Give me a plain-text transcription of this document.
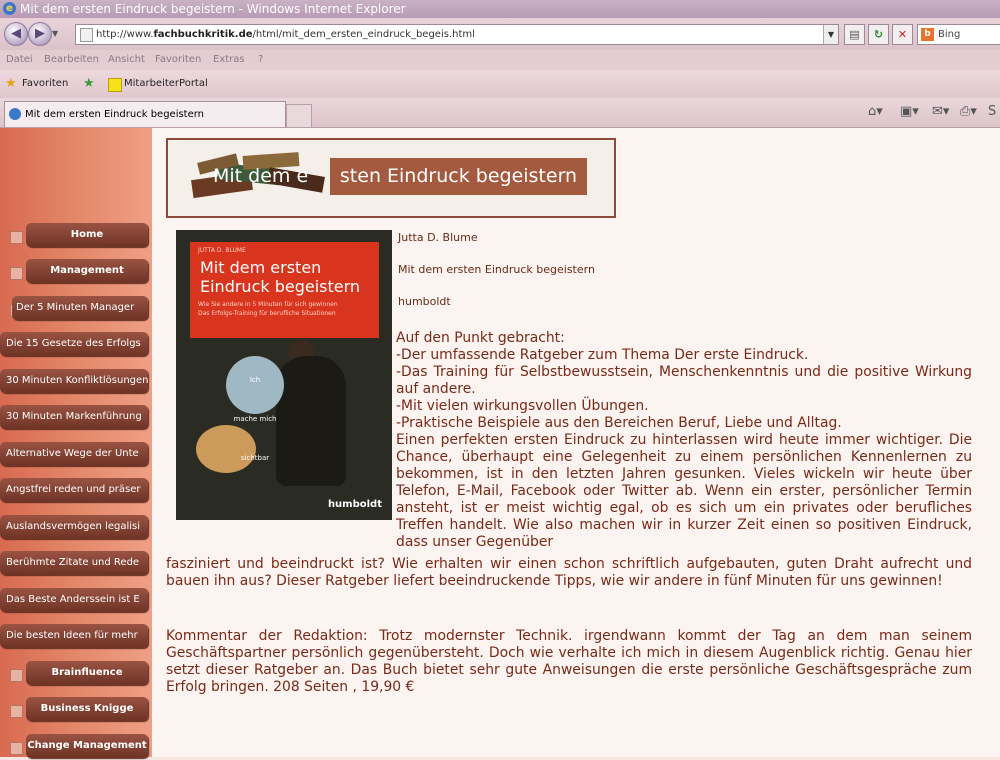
e Mit dem ersten Eindruck begeistern - Windows Internet Explorer
◀	▶ ▼	http://www.fachbuchkritik.de/html/mit_dem_ersten_eindruck_begeis.html	▼	▤	↻	✕	b Bing
Datei Bearbeiten Ansicht Favoriten Extras ?
★ Favoriten ★	MitarbeiterPortal
Mit dem ersten Eindruck begeistern	⌂▾ ▣▾ ✉▾ ⎙▾ S
Home
Management
Der 5 Minuten Manager
Die 15 Gesetze des Erfolgs
30 Minuten Konfliktlösungen
30 Minuten Markenführung
Alternative Wege der Unte
Angstfrei reden und präser
Auslandsvermögen legalisi
Berühmte Zitate und Rede
Das Beste Anderssein ist E
Die besten Ideen für mehr
Brainfluence
Business Knigge
Change Management
Mit dem e	sten Eindruck begeistern
JUTTA D. BLUME
Mit dem ersten
Eindruck begeistern
Wie Sie andere in 5 Minuten für sich gewinnen
Das Erfolgs-Training für berufliche Situationen
Ich

mache mich

sichtbar
humboldt
Jutta D. Blume
Mit dem ersten Eindruck begeistern
humboldt

Auf den Punkt gebracht:

-Der umfassende Ratgeber zum Thema Der erste Eindruck.

-Das Training für Selbstbewusstsein, Menschenkenntnis und die positive Wirkung auf andere.

-Mit vielen wirkungsvollen Übungen.

-Praktische Beispiele aus den Bereichen Beruf, Liebe und Alltag.

Einen perfekten ersten Eindruck zu hinterlassen wird heute immer wichtiger. Die Chance, überhaupt eine Gelegenheit zu einem persönlichen Kennenlernen zu bekommen, ist in den letzten Jahren gesunken. Vieles wickeln wir heute über Telefon, E-Mail, Facebook oder Twitter ab. Wenn ein erster, persönlicher Termin ansteht, ist er meist wichtig egal, ob es sich um ein privates oder berufliches Treffen handelt. Wie also machen wir in kurzer Zeit einen so positiven Eindruck, dass unser Gegenüber

fasziniert und beeindruckt ist? Wie erhalten wir einen schon schriftlich aufgebauten, guten Draht aufrecht und bauen ihn aus? Dieser Ratgeber liefert beeindruckende Tipps, wie wir andere in fünf Minuten für uns gewinnen!
Kommentar der Redaktion: Trotz modernster Technik. irgendwann kommt der Tag an dem man seinem Geschäftspartner persönlich gegenübersteht. Doch wie verhalte ich mich in diesem Augenblick richtig. Genau hier setzt dieser Ratgeber an. Das Buch bietet sehr gute Anweisungen die erste persönliche Geschäftsgespräche zum Erfolg bringen. 208 Seiten , 19,90 €
